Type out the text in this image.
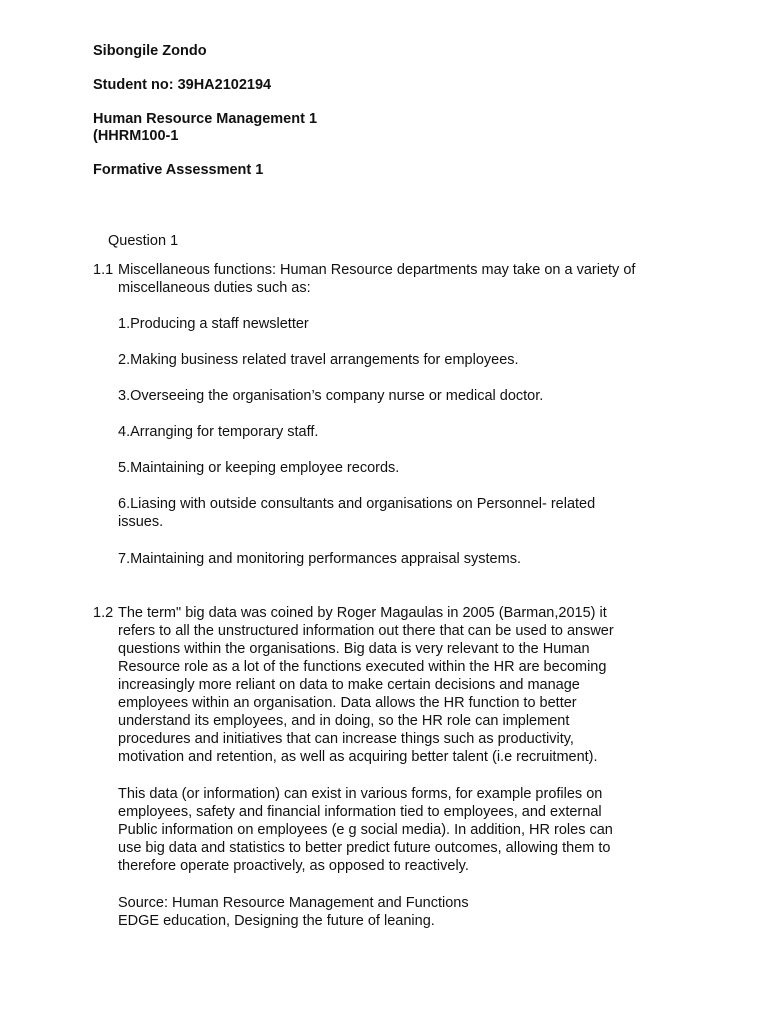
Sibongile Zondo
Student no: 39HA2102194
Human Resource Management 1
(HHRM100-1
Formative Assessment 1
Question 1
1.1 Miscellaneous functions: Human Resource departments may take on a variety of
miscellaneous duties such as:
1.Producing a staff newsletter
2.Making business related travel arrangements for employees.
3.Overseeing the organisation’s company nurse or medical doctor.
4.Arranging for temporary staff.
5.Maintaining or keeping employee records.
6.Liasing with outside consultants and organisations on Personnel- related
issues.
7.Maintaining and monitoring performances appraisal systems.
1.2 The term" big data was coined by Roger Magaulas in 2005 (Barman,2015) it
refers to all the unstructured information out there that can be used to answer
questions within the organisations. Big data is very relevant to the Human
Resource role as a lot of the functions executed within the HR are becoming
increasingly more reliant on data to make certain decisions and manage
employees within an organisation. Data allows the HR function to better
understand its employees, and in doing, so the HR role can implement
procedures and initiatives that can increase things such as productivity,
motivation and retention, as well as acquiring better talent (i.e recruitment).
This data (or information) can exist in various forms, for example profiles on
employees, safety and financial information tied to employees, and external
Public information on employees (e g social media). In addition, HR roles can
use big data and statistics to better predict future outcomes, allowing them to
therefore operate proactively, as opposed to reactively.
Source: Human Resource Management and Functions
EDGE education, Designing the future of leaning.
